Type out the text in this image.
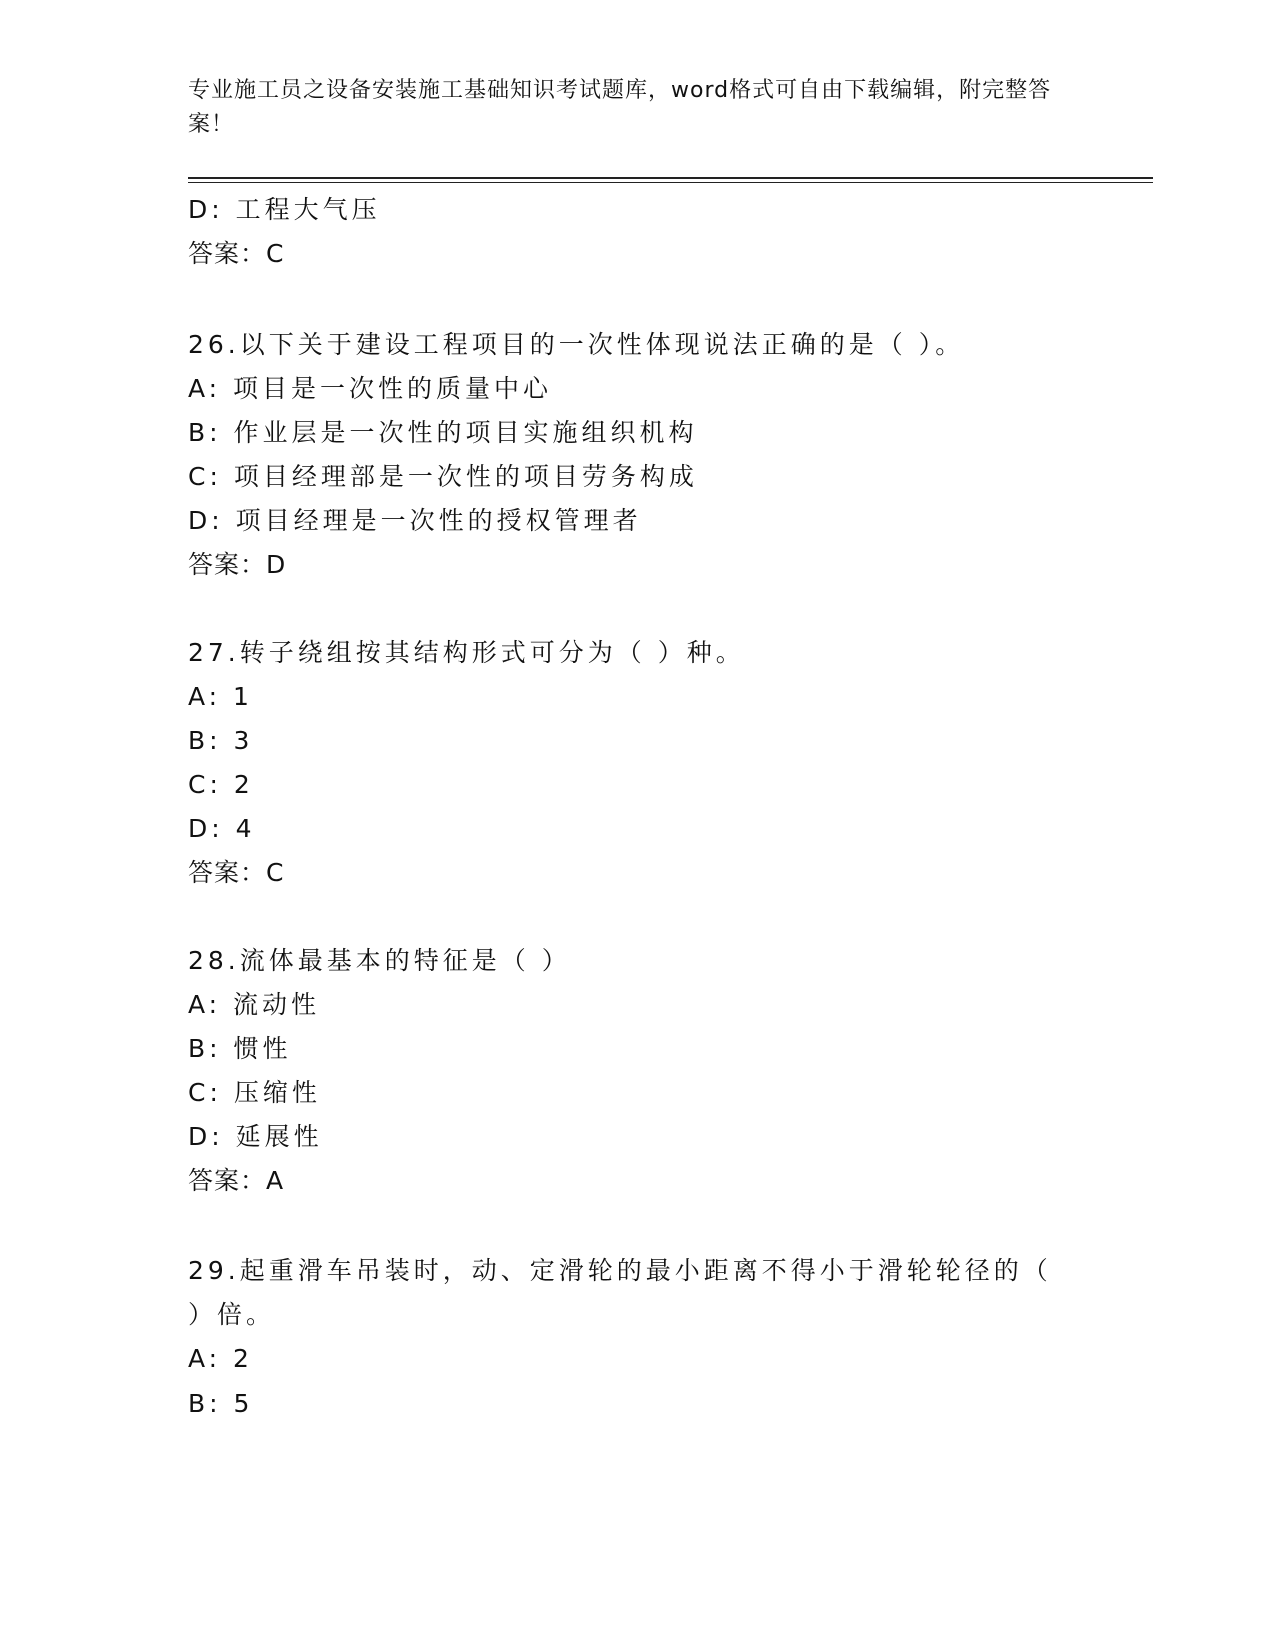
专业施工员之设备安装施工基础知识考试题库，word格式可自由下载编辑，附完整答案！
D: 工程大气压
答案：C
26.以下关于建设工程项目的一次性体现说法正确的是（ ）。
A: 项目是一次性的质量中心
B: 作业层是一次性的项目实施组织机构
C: 项目经理部是一次性的项目劳务构成
D: 项目经理是一次性的授权管理者
答案：D
27.转子绕组按其结构形式可分为（ ）种。
A: 1
B: 3
C: 2
D: 4
答案：C
28.流体最基本的特征是（ ）
A: 流动性
B: 惯性
C: 压缩性
D: 延展性
答案：A
29.起重滑车吊装时，动、定滑轮的最小距离不得小于滑轮轮径的（
）倍。
A: 2
B: 5
